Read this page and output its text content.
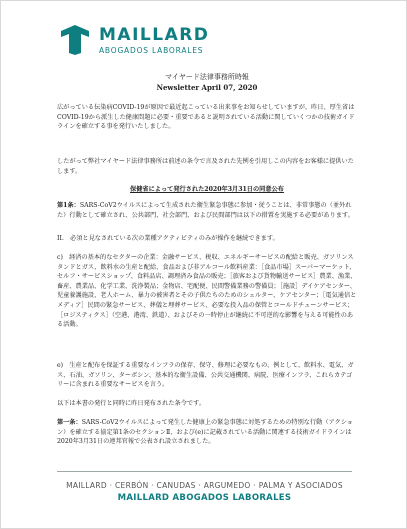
MAILLARD
ABOGADOS LABORALES
マイヤード法律事務所時報
Newsletter April 07, 2020
広がっている伝染病COVID-19が原因で最近起こっている出来事をお知らせしていますが、昨日、厚生省はCOVID-19から派生した健康問題に必要・重要であると説明されている活動に関していくつかの技術ガイドラインを確立する事を発行いたしました。
したがって弊社マイヤード法律事務所は前述の条令で言及された先例を引用しこの内容をお客様に提供いたします。
保健省によって発行された2020年3月31日の同意公布
第1条：SARS-CoV2ウイルスによって生成された衛生緊急事態に参加・従うことは、非常事態の（並外れた）行動として確立され、公共部門、社会部門、および民間部門は以下の措置を実施する必要があります。
II.　必須と見なされている次の業種アクティビティのみが操作を継続できます。
c)　経済の基本的なセクターの企業：金融サービス、税収、エネルギーサービスの配給と販売、ガソリンスタンドとガス、飲料水の生産と配給、食品および非アルコール飲料産業：［食品市場］スーパーマーケット、セルフ・サービスショップ、食料品店、調理済み食品の販売；［旅客および貨物輸送サービス］農業、漁業、畜産、農業品、化学工業、洗浄製品；金物店、宅配便、民間警備業務の警備員；［施設］デイケアセンター、児童養護施設、老人ホーム、暴力の被害者とその子供たちのためのシェルター、ケアセンター；［電気通信とメディア］民間の緊急サービス、葬儀と埋葬サービス、必要な投入品の保管とコールドチェーンサービス；［ロジスティクス］（空港、港湾、鉄道）、およびその一時停止が継続に不可逆的な影響を与える可能性のある活動。
e)　生産と配布を保証する重要なインフラの保存、保守、修理に必要なもの、例として、飲料水、電気、ガス、石油、ガソリン、ターボシン、基本的な衛生設備、公共交通機関、病院、医療インフラ、これらカテゴリーに含まれる重要なサービスを言う。
以下は本書の発行と同時に昨日発布された条令です。
第一条：SARS-CoV2ウイルスによって発生した健康上の緊急事態に対処するための特別な行動（アクション）を確立する協定第1条のセクションⅡ、および(e)に記載されている活動に関連する技術ガイドラインは2020年3月31日の連邦官報で公表され設立されました。
MAILLARD · CERBÓN · CANUDAS · ARGUMEDO · PALMA Y ASOCIADOS
MAILLARD ABOGADOS LABORALES
